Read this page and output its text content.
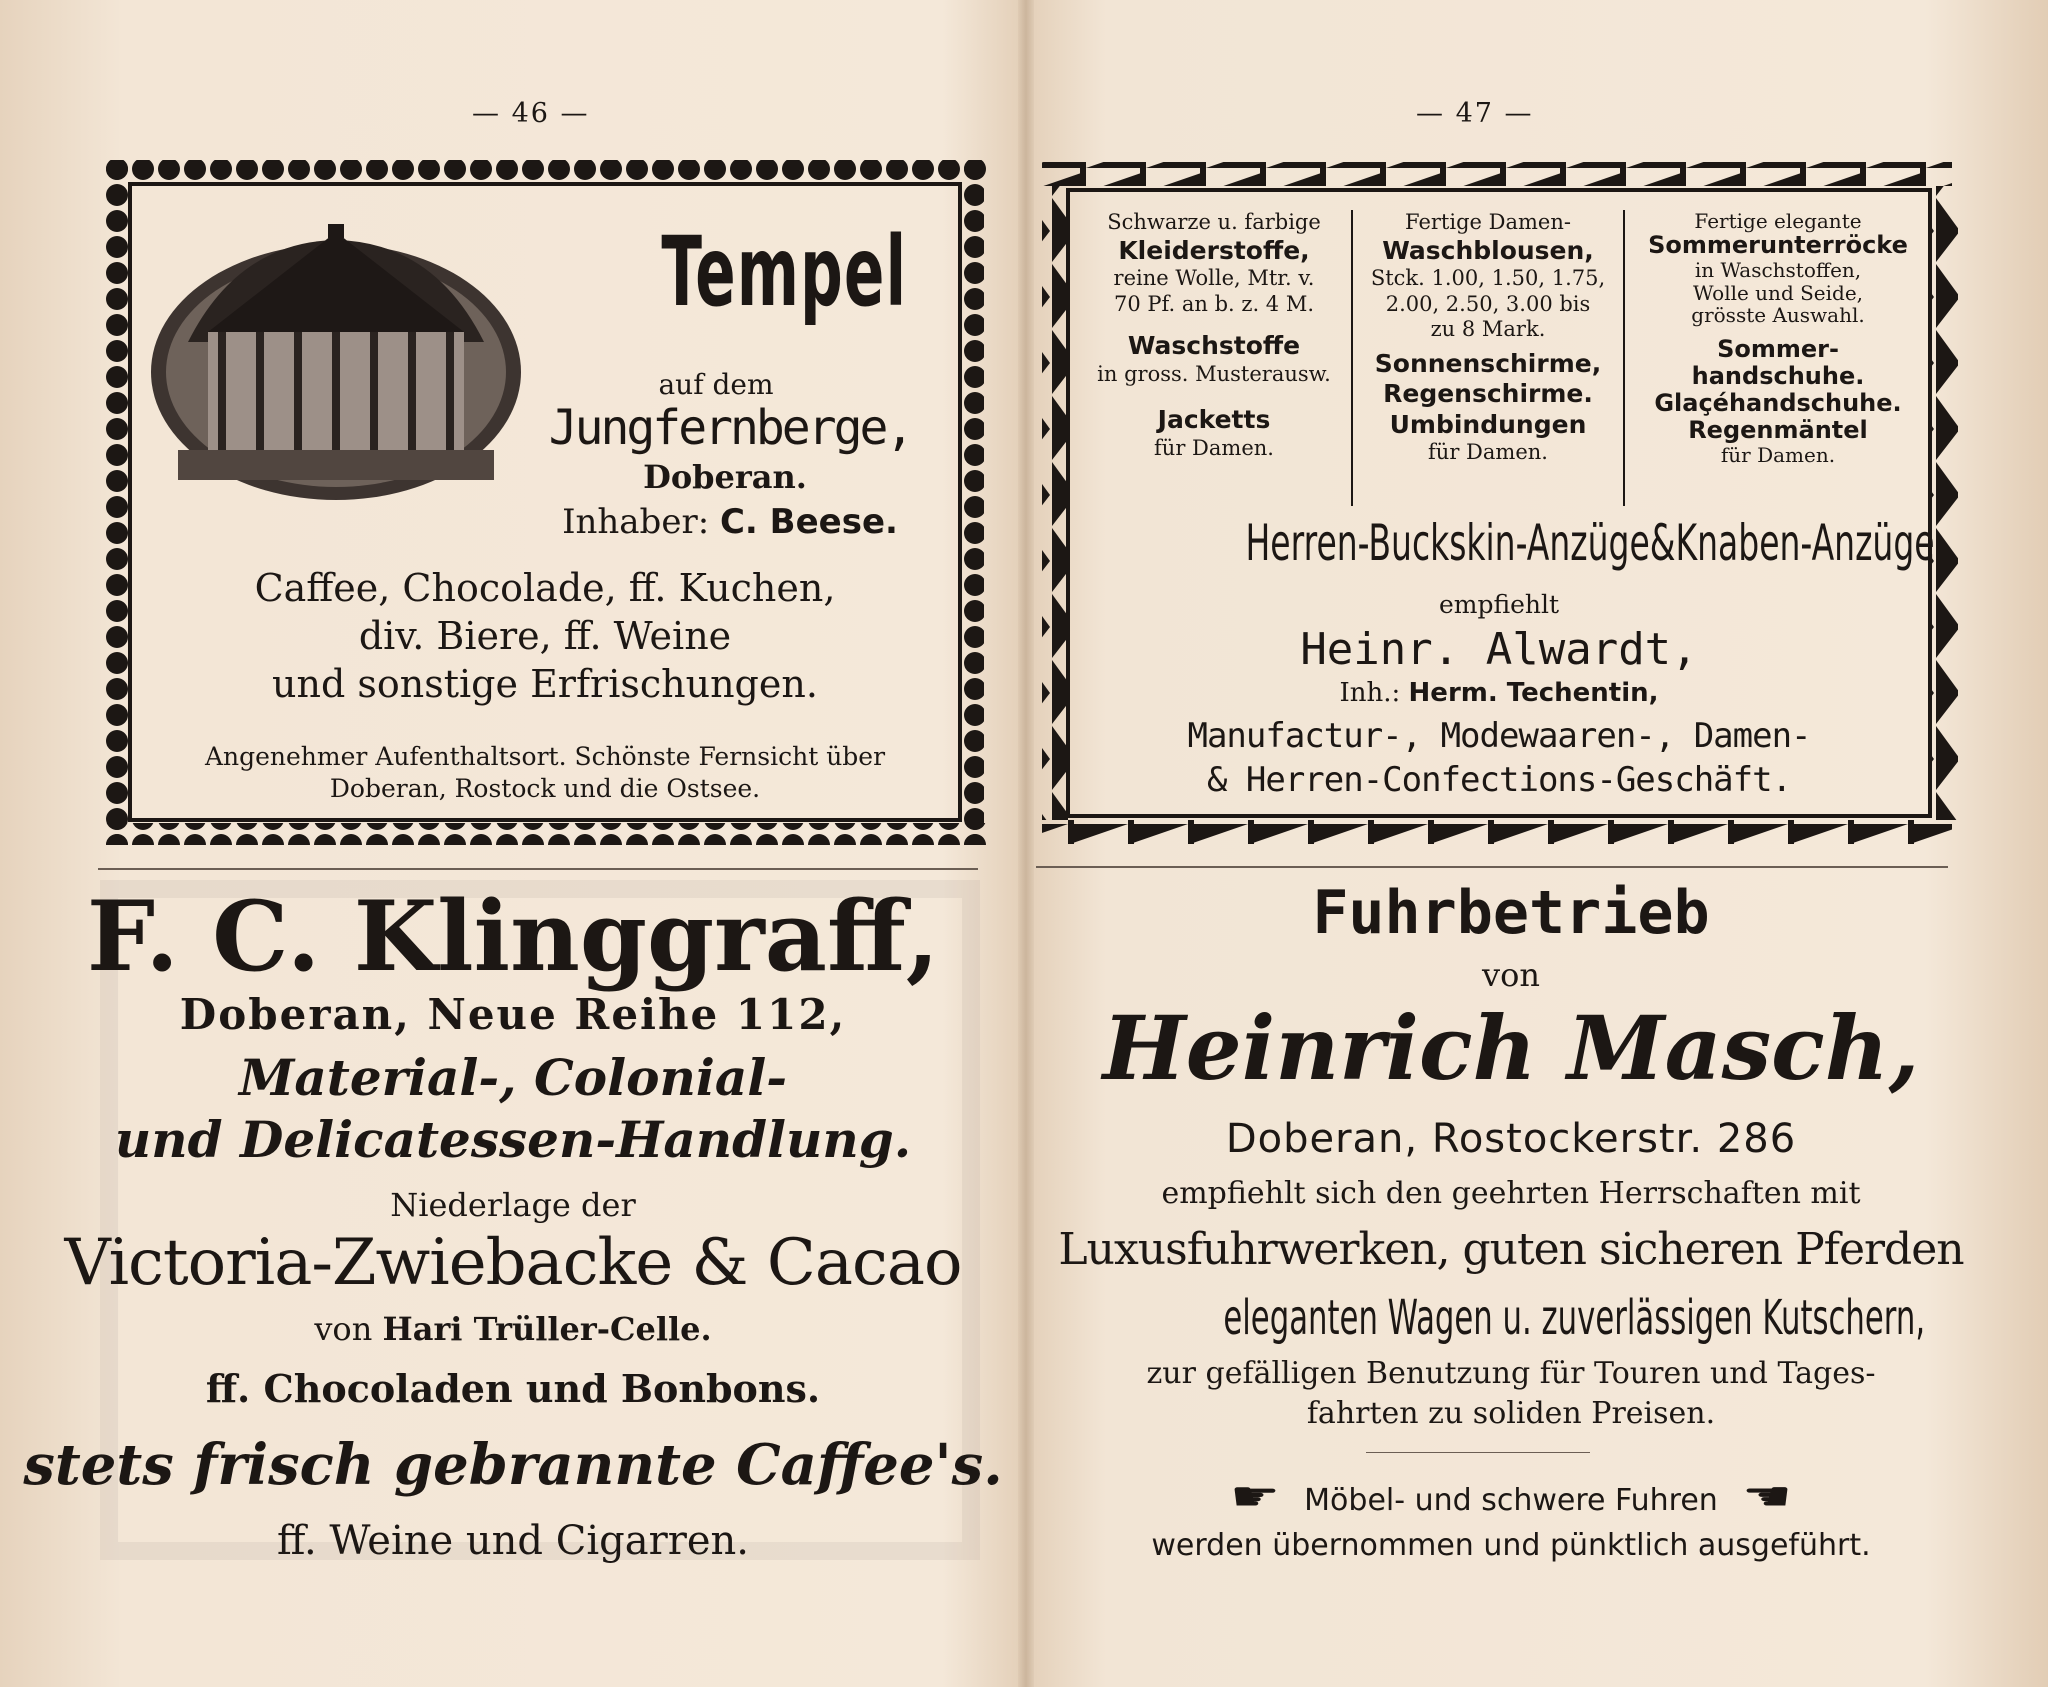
— 46 —
Tempel
auf dem
Jungfernberge,
Doberan.
Inhaber: C. Beese.
Caffee, Chocolade, ff. Kuchen,
div. Biere, ff. Weine
und sonstige Erfrischungen.
Angenehmer Aufenthaltsort. Schönste Fernsicht über
Doberan, Rostock und die Ostsee.
F. C. Klinggraff,
Doberan, Neue Reihe 112,
Material-, Colonial-
und Delicatessen-Handlung.
Niederlage der
Victoria-Zwiebacke & Cacao
von Hari Trüller-Celle.
ff. Chocoladen und Bonbons.
stets frisch gebrannte Caffee's.
ff. Weine und Cigarren.
— 47 —
Schwarze u. farbige
Kleiderstoffe,
reine Wolle, Mtr. v.
70 Pf. an b. z. 4 M.
Waschstoffe
in gross. Musterausw.
Jacketts
für Damen.
Fertige Damen-
Waschblousen,
Stck. 1.00, 1.50, 1.75,
2.00, 2.50, 3.00 bis
zu 8 Mark.
Sonnenschirme,
Regenschirme.
Umbindungen
für Damen.
Fertige elegante
Sommerunterröcke
in Waschstoffen,
Wolle und Seide,
grösste Auswahl.
Sommer-
handschuhe.
Glaçéhandschuhe.
Regenmäntel
für Damen.
Herren-Buckskin-Anzüge&Knaben-Anzüge
empfiehlt
Heinr. Alwardt,
Inh.: Herm. Techentin,
Manufactur-, Modewaaren-, Damen-
& Herren-Confections-Geschäft.
Fuhrbetrieb
von
Heinrich Masch,
Doberan, Rostockerstr. 286
empfiehlt sich den geehrten Herrschaften mit
Luxusfuhrwerken, guten sicheren Pferden
eleganten Wagen u. zuverlässigen Kutschern,
zur gefälligen Benutzung für Touren und Tages-
fahrten zu soliden Preisen.
☛ Möbel- und schwere Fuhren ☚
werden übernommen und pünktlich ausgeführt.
